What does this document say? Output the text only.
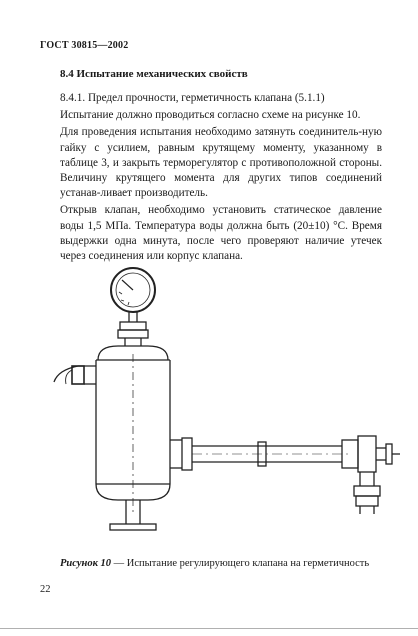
ГОСТ 30815—2002
8.4 Испытание механических свойств

8.4.1. Предел прочности, герметичность клапана (5.1.1)

Испытание должно проводиться согласно схеме на рисунке 10.

Для проведения испытания необходимо затянуть соединитель-ную гайку с усилием, равным крутящему моменту, указанному в таблице 3, и закрыть терморегулятор с противоположной стороны. Величину крутящего момента для других типов соединений устанав-ливает производитель.

Открыв клапан, необходимо установить статическое давление воды 1,5 МПа. Температура воды должна быть (20±10) °С. Время выдержки одна минута, после чего проверяют наличие утечек через соединения или корпус клапана.

Рисунок 10 — Испытание регулирующего клапана на герметичность
22
